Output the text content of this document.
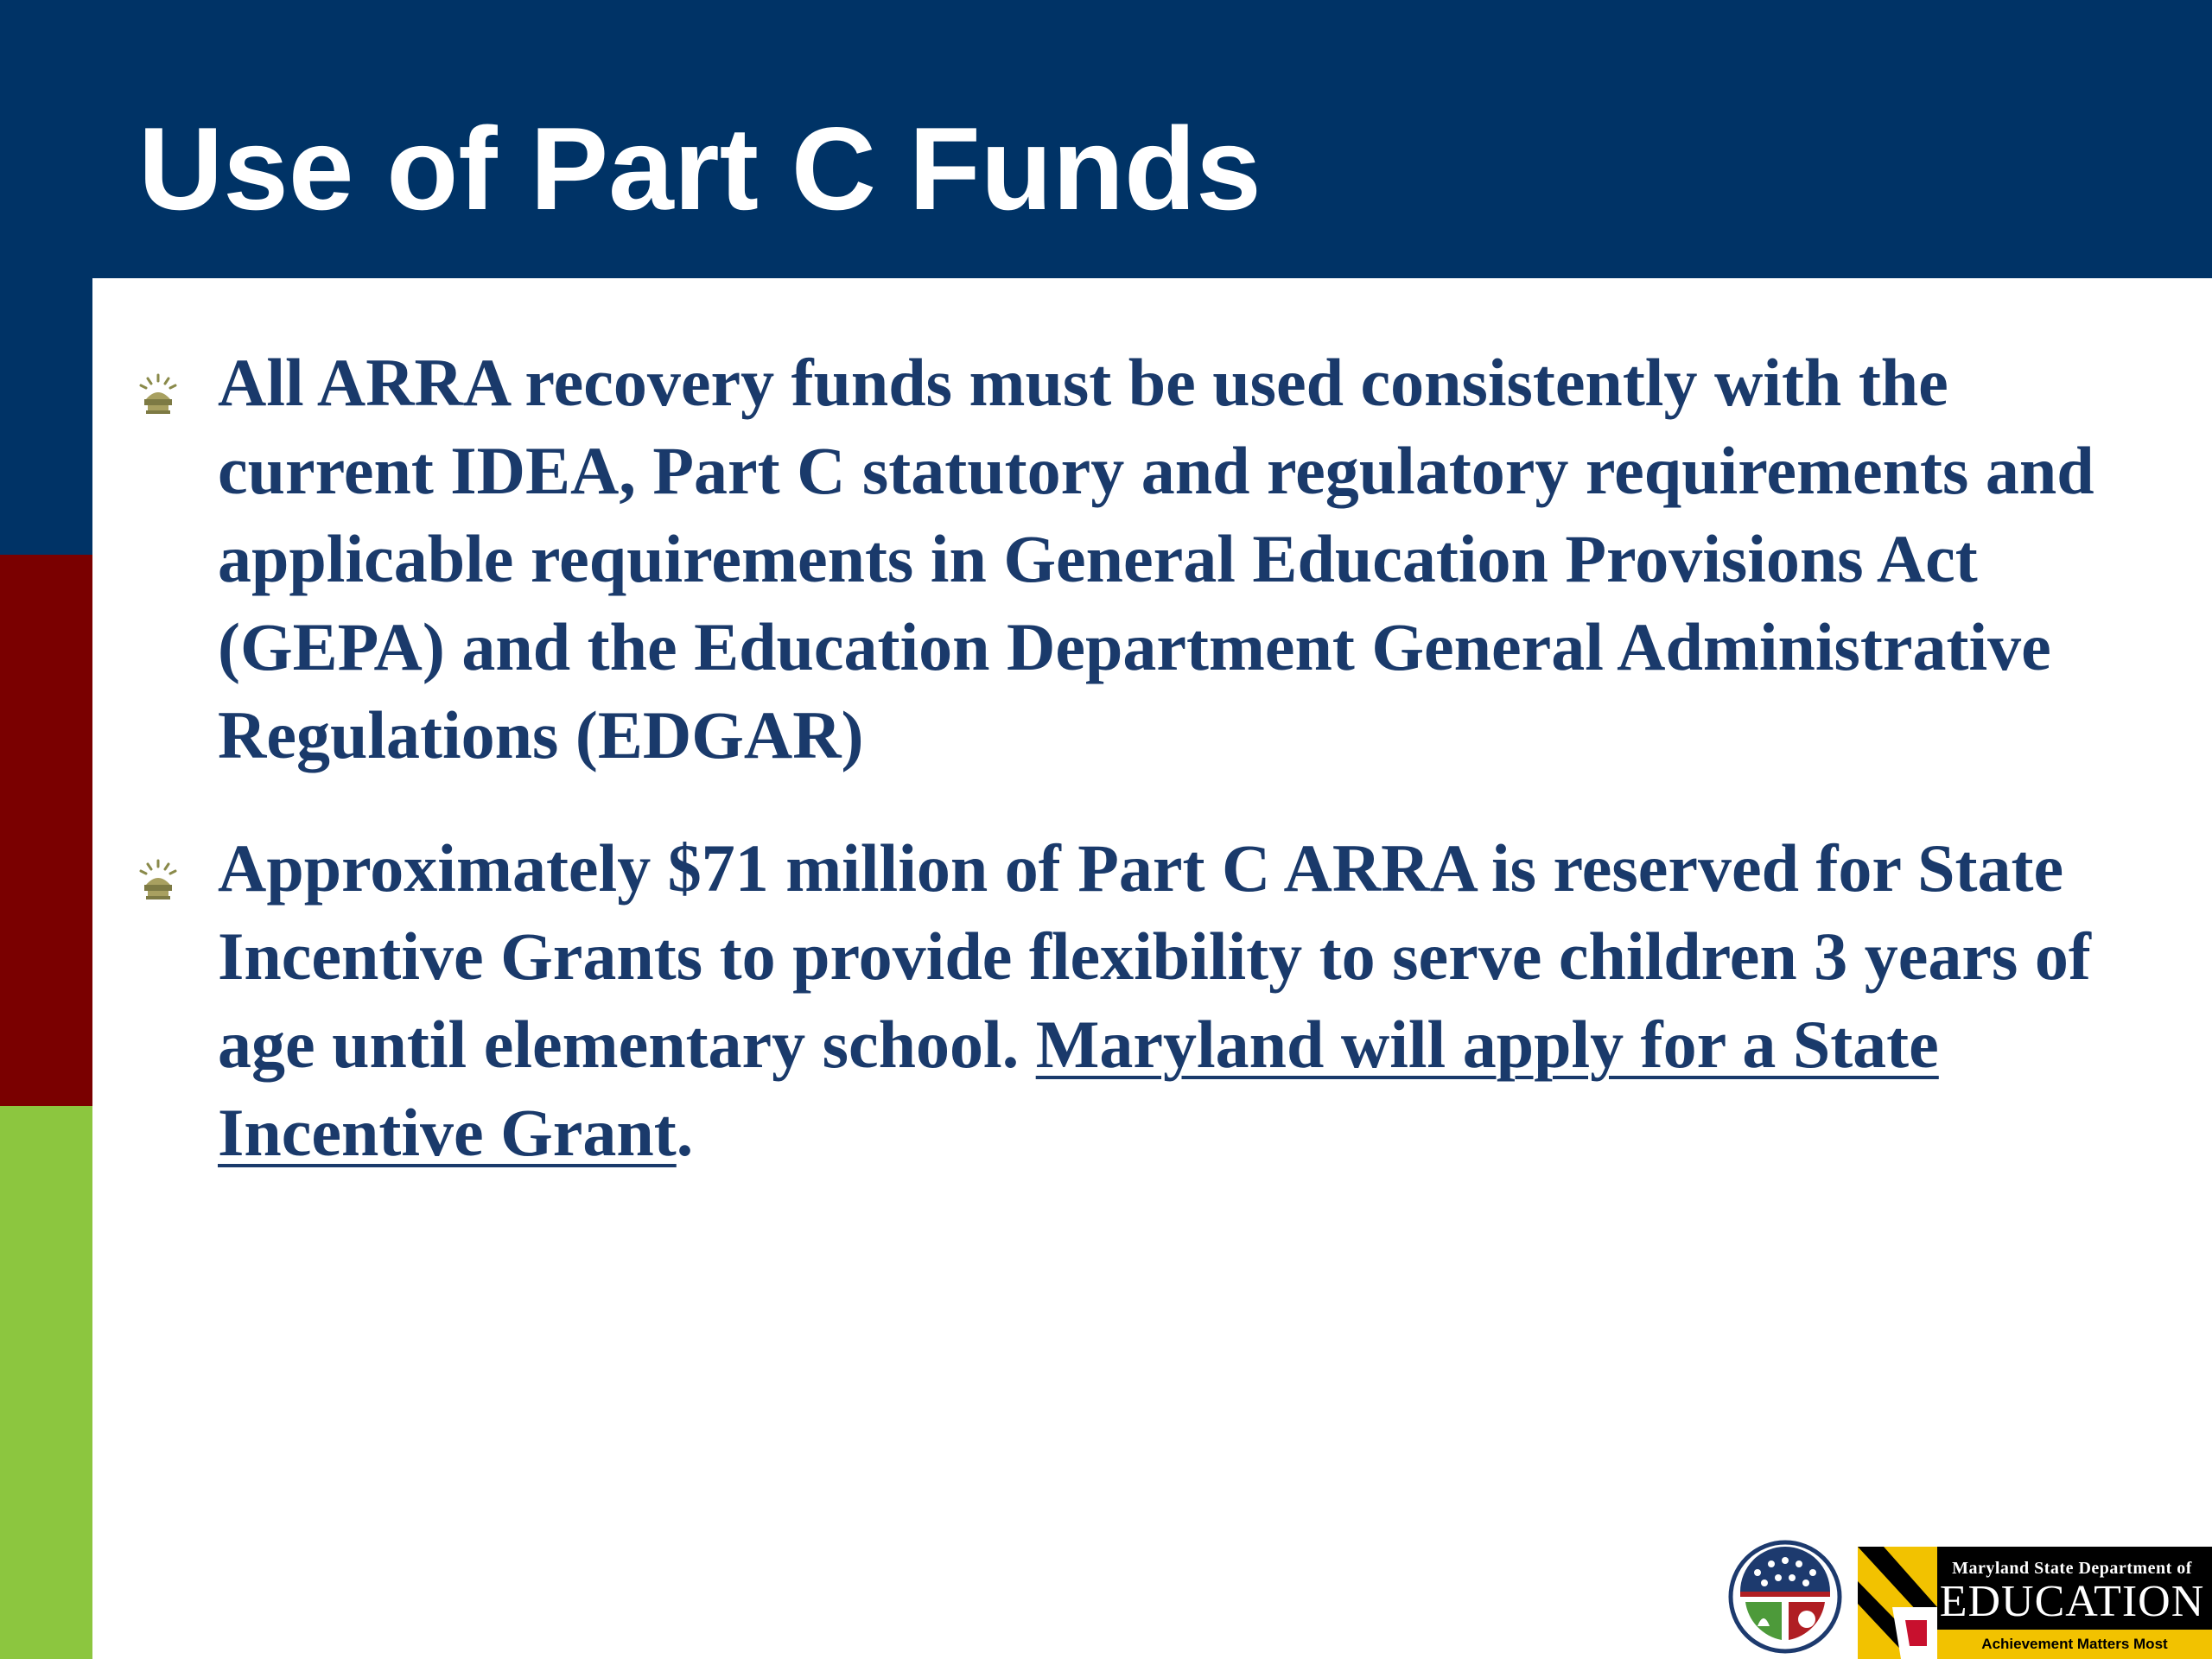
Use of Part C Funds
All ARRA recovery funds must be used consistently with the current IDEA, Part C statutory and regulatory requirements and applicable requirements in General Education Provisions Act (GEPA) and the Education Department General Administrative Regulations (EDGAR)
Approximately $71 million of Part C ARRA is reserved for State Incentive Grants to provide flexibility to serve children 3 years of age until elementary school. Maryland will apply for a State Incentive Grant.
Maryland State Department of
EDUCATION
Achievement Matters Most
